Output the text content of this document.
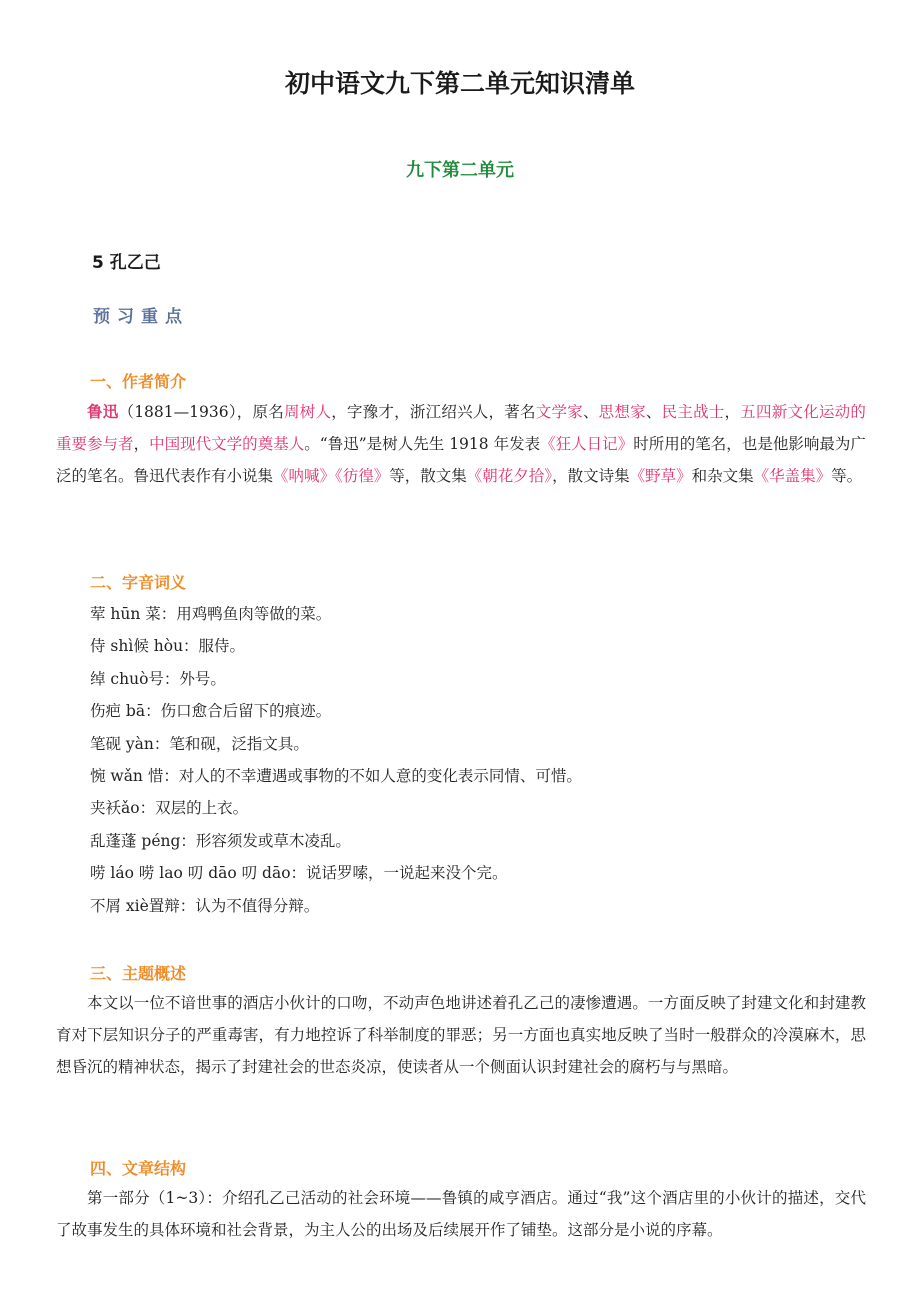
初中语文九下第二单元知识清单
九下第二单元
5 孔乙己
预习重点
一、作者简介

鲁迅（1881—1936），原名周树人，字豫才，浙江绍兴人，著名文学家、思想家、民主战士，五四新文化运动的重要参与者，中国现代文学的奠基人。“鲁迅”是树人先生 1918 年发表《狂人日记》时所用的笔名，也是他影响最为广泛的笔名。鲁迅代表作有小说集《呐喊》《彷徨》等，散文集《朝花夕拾》，散文诗集《野草》和杂文集《华盖集》等。

二、字音词义
荤 hūn 菜：用鸡鸭鱼肉等做的菜。
侍 shì候 hòu：服侍。
绰 chuò号：外号。
伤疤 bā：伤口愈合后留下的痕迹。
笔砚 yàn：笔和砚，泛指文具。
惋 wǎn 惜：对人的不幸遭遇或事物的不如人意的变化表示同情、可惜。
夹袄ǎo：双层的上衣。
乱蓬蓬 péng：形容须发或草木凌乱。
唠 láo 唠 lao 叨 dāo 叨 dāo：说话罗嗦，一说起来没个完。
不屑 xiè置辩：认为不值得分辩。
三、主题概述

本文以一位不谙世事的酒店小伙计的口吻，不动声色地讲述着孔乙己的凄惨遭遇。一方面反映了封建文化和封建教育对下层知识分子的严重毒害，有力地控诉了科举制度的罪恶；另一方面也真实地反映了当时一般群众的冷漠麻木，思想昏沉的精神状态，揭示了封建社会的世态炎凉，使读者从一个侧面认识封建社会的腐朽与与黑暗。

四、文章结构

第一部分（1~3）：介绍孔乙己活动的社会环境——鲁镇的咸亨酒店。通过“我”这个酒店里的小伙计的描述，交代了故事发生的具体环境和社会背景，为主人公的出场及后续展开作了铺垫。这部分是小说的序幕。
